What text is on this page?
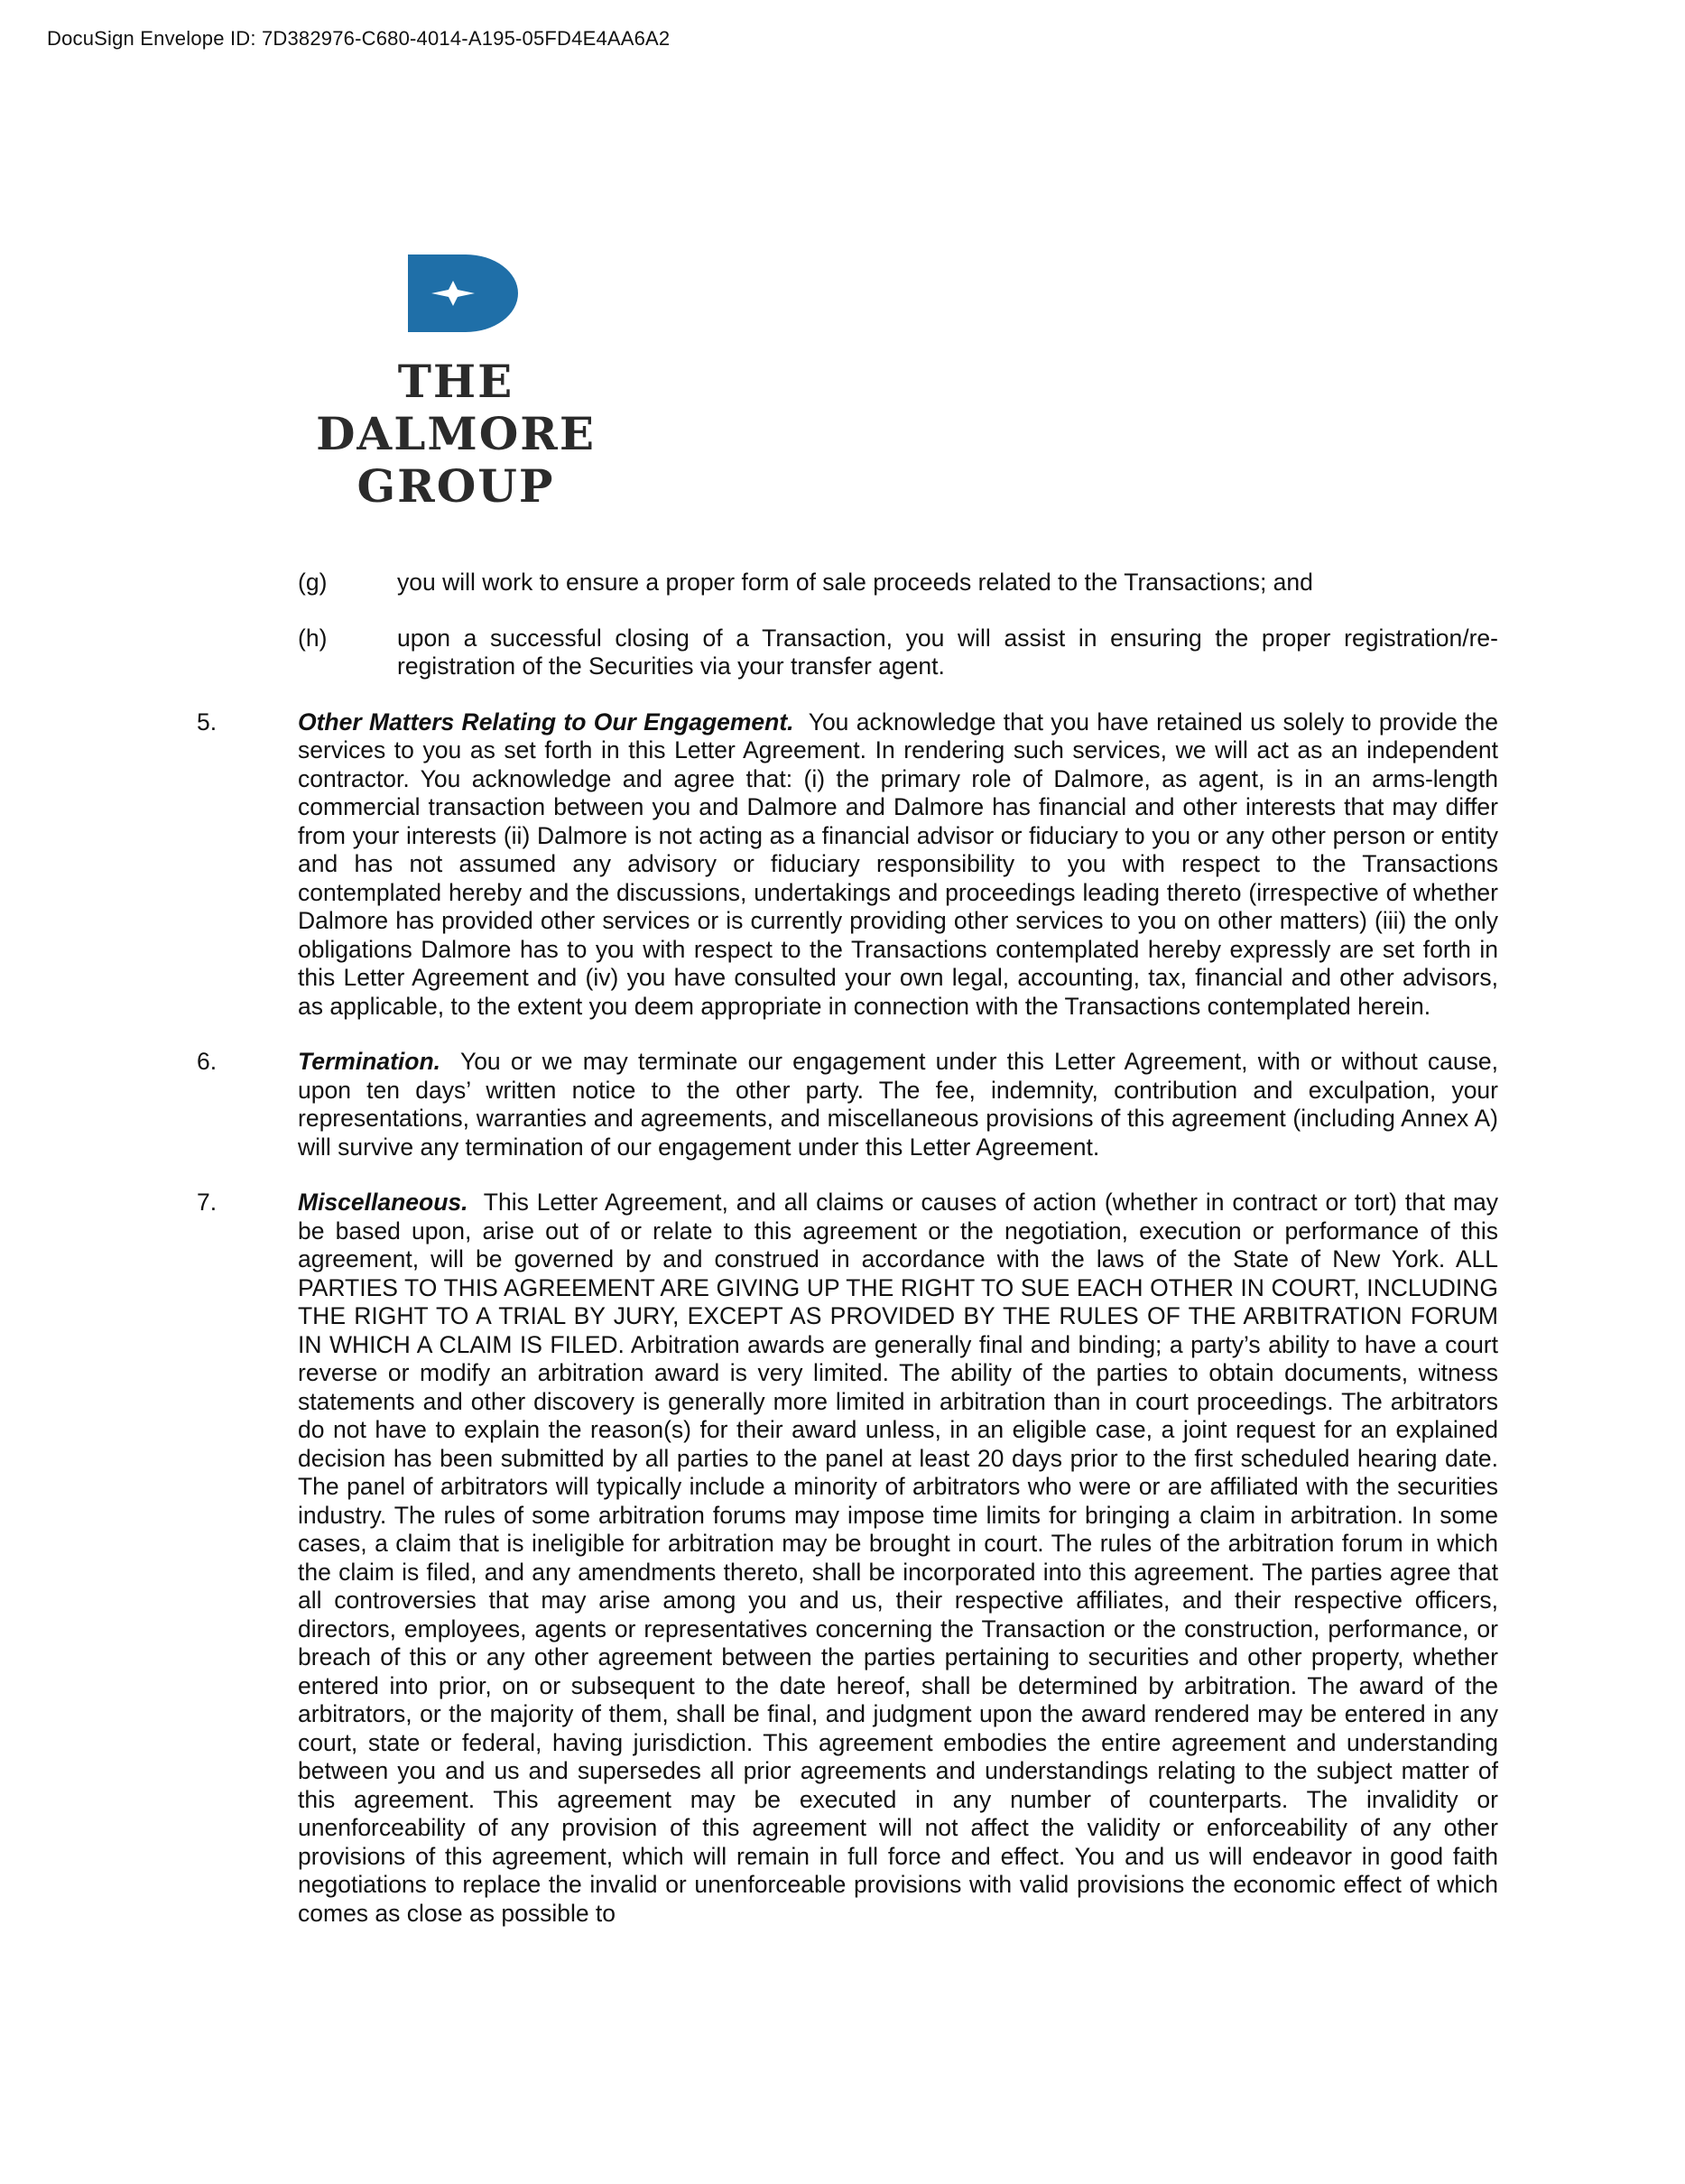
DocuSign Envelope ID: 7D382976-C680-4014-A195-05FD4E4AA6A2
THE
DALMORE
GROUP
(g)	you will work to ensure a proper form of sale proceeds related to the Transactions; and
(h)	upon a successful closing of a Transaction, you will assist in ensuring the proper registration/re-registration of the Securities via your transfer agent.
5.	Other Matters Relating to Our Engagement. You acknowledge that you have retained us solely to provide the services to you as set forth in this Letter Agreement. In rendering such services, we will act as an independent contractor. You acknowledge and agree that: (i) the primary role of Dalmore, as agent, is in an arms-length commercial transaction between you and Dalmore and Dalmore has financial and other interests that may differ from your interests (ii) Dalmore is not acting as a financial advisor or fiduciary to you or any other person or entity and has not assumed any advisory or fiduciary responsibility to you with respect to the Transactions contemplated hereby and the discussions, undertakings and proceedings leading thereto (irrespective of whether Dalmore has provided other services or is currently providing other services to you on other matters) (iii) the only obligations Dalmore has to you with respect to the Transactions contemplated hereby expressly are set forth in this Letter Agreement and (iv) you have consulted your own legal, accounting, tax, financial and other advisors, as applicable, to the extent you deem appropriate in connection with the Transactions contemplated herein.

6.	Termination. You or we may terminate our engagement under this Letter Agreement, with or without cause, upon ten days’ written notice to the other party. The fee, indemnity, contribution and exculpation, your representations, warranties and agreements, and miscellaneous provisions of this agreement (including Annex A) will survive any termination of our engagement under this Letter Agreement.

7.	Miscellaneous. This Letter Agreement, and all claims or causes of action (whether in contract or tort) that may be based upon, arise out of or relate to this agreement or the negotiation, execution or performance of this agreement, will be governed by and construed in accordance with the laws of the State of New York. ALL PARTIES TO THIS AGREEMENT ARE GIVING UP THE RIGHT TO SUE EACH OTHER IN COURT, INCLUDING THE RIGHT TO A TRIAL BY JURY, EXCEPT AS PROVIDED BY THE RULES OF THE ARBITRATION FORUM IN WHICH A CLAIM IS FILED. Arbitration awards are generally final and binding; a party’s ability to have a court reverse or modify an arbitration award is very limited. The ability of the parties to obtain documents, witness statements and other discovery is generally more limited in arbitration than in court proceedings. The arbitrators do not have to explain the reason(s) for their award unless, in an eligible case, a joint request for an explained decision has been submitted by all parties to the panel at least 20 days prior to the first scheduled hearing date. The panel of arbitrators will typically include a minority of arbitrators who were or are affiliated with the securities industry. The rules of some arbitration forums may impose time limits for bringing a claim in arbitration. In some cases, a claim that is ineligible for arbitration may be brought in court. The rules of the arbitration forum in which the claim is filed, and any amendments thereto, shall be incorporated into this agreement. The parties agree that all controversies that may arise among you and us, their respective affiliates, and their respective officers, directors, employees, agents or representatives concerning the Transaction or the construction, performance, or breach of this or any other agreement between the parties pertaining to securities and other property, whether entered into prior, on or subsequent to the date hereof, shall be determined by arbitration. The award of the arbitrators, or the majority of them, shall be final, and judgment upon the award rendered may be entered in any court, state or federal, having jurisdiction. This agreement embodies the entire agreement and understanding between you and us and supersedes all prior agreements and understandings relating to the subject matter of this agreement. This agreement may be executed in any number of counterparts. The invalidity or unenforceability of any provision of this agreement will not affect the validity or enforceability of any other provisions of this agreement, which will remain in full force and effect. You and us will endeavor in good faith negotiations to replace the invalid or unenforceable provisions with valid provisions the economic effect of which comes as close as possible to
